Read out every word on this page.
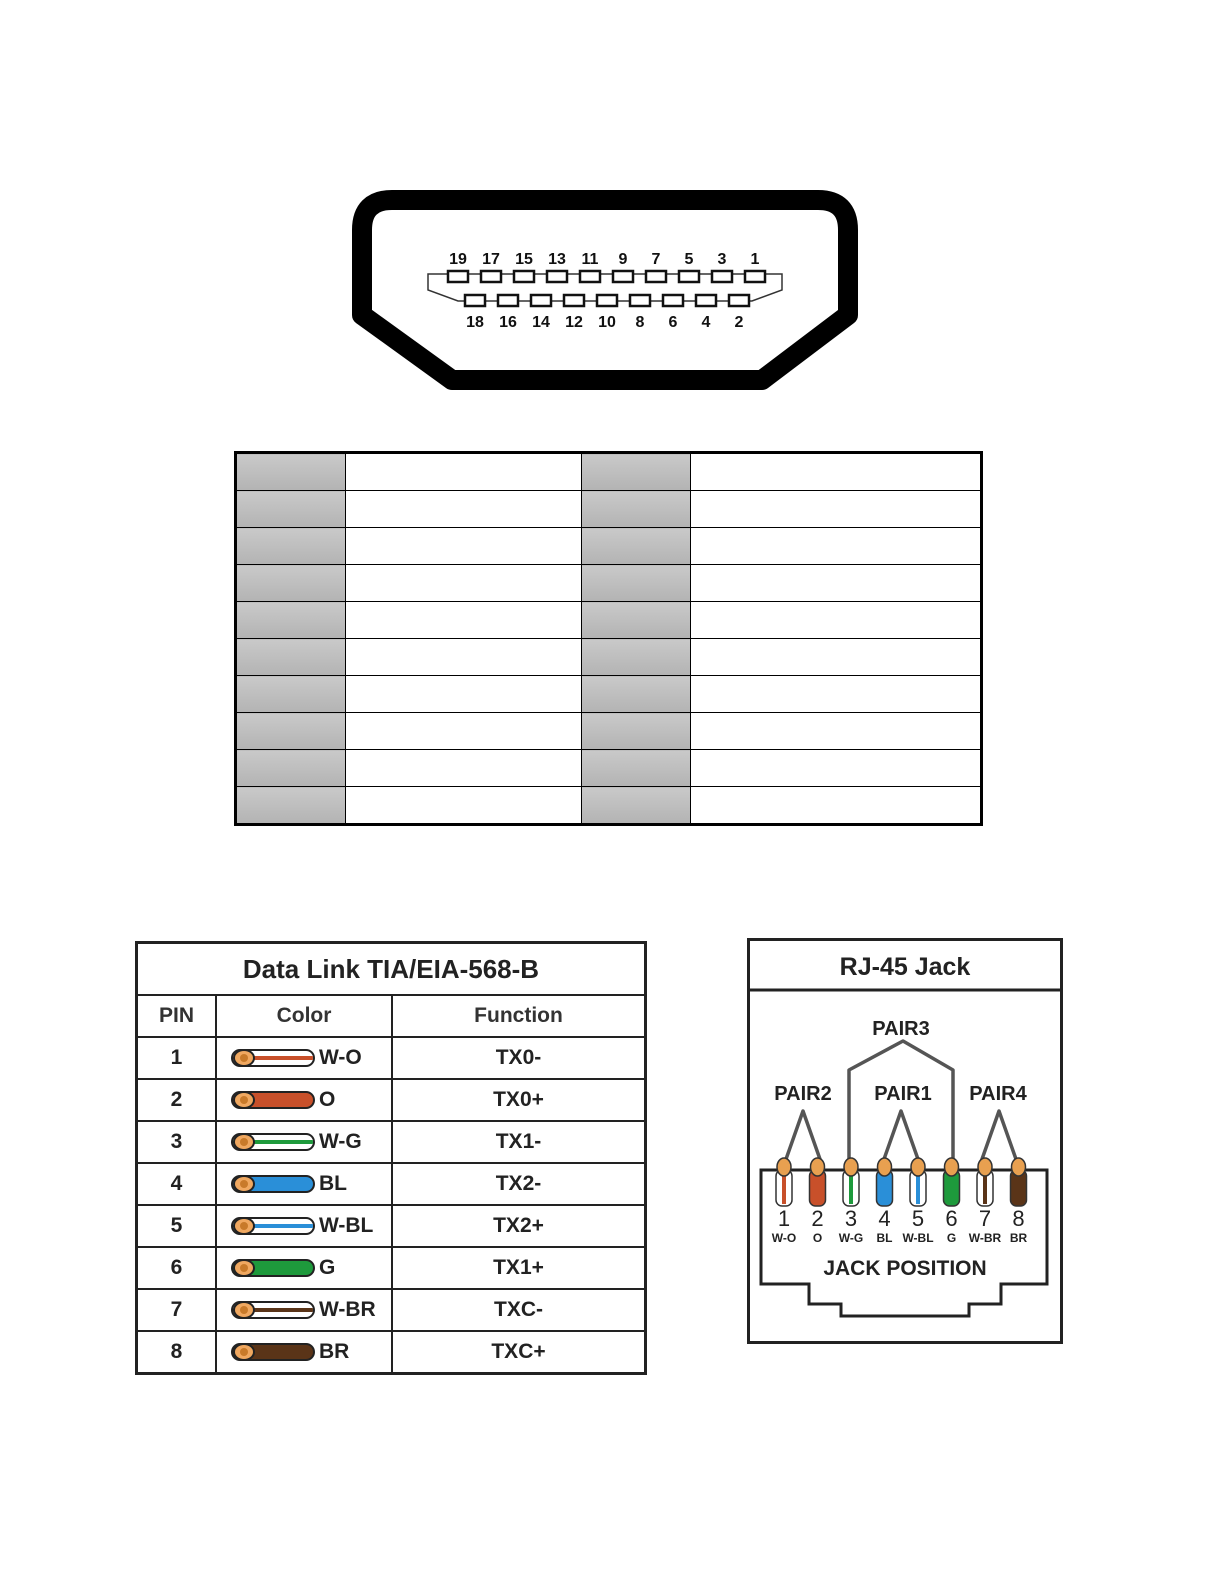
19 17 15 13 11 9 7 5 3 1
18 16 14 12 10 8 6 4 2

Data Link TIA/EIA-568-B		
PIN	Color	Function
1	W-O	TX0-
2	O	TX0+
3	W-G	TX1-
4	BL	TX2-
5	W-BL	TX2+
6	G	TX1+
7	W-BR	TXC-
8	BR	TXC+
RJ-45 Jack
PAIR3
PAIR2 PAIR1 PAIR4
1
W-O
2
O
3
W-G
4
BL
5
W-BL
6
G
7
W-BR
8
BR
JACK POSITION
